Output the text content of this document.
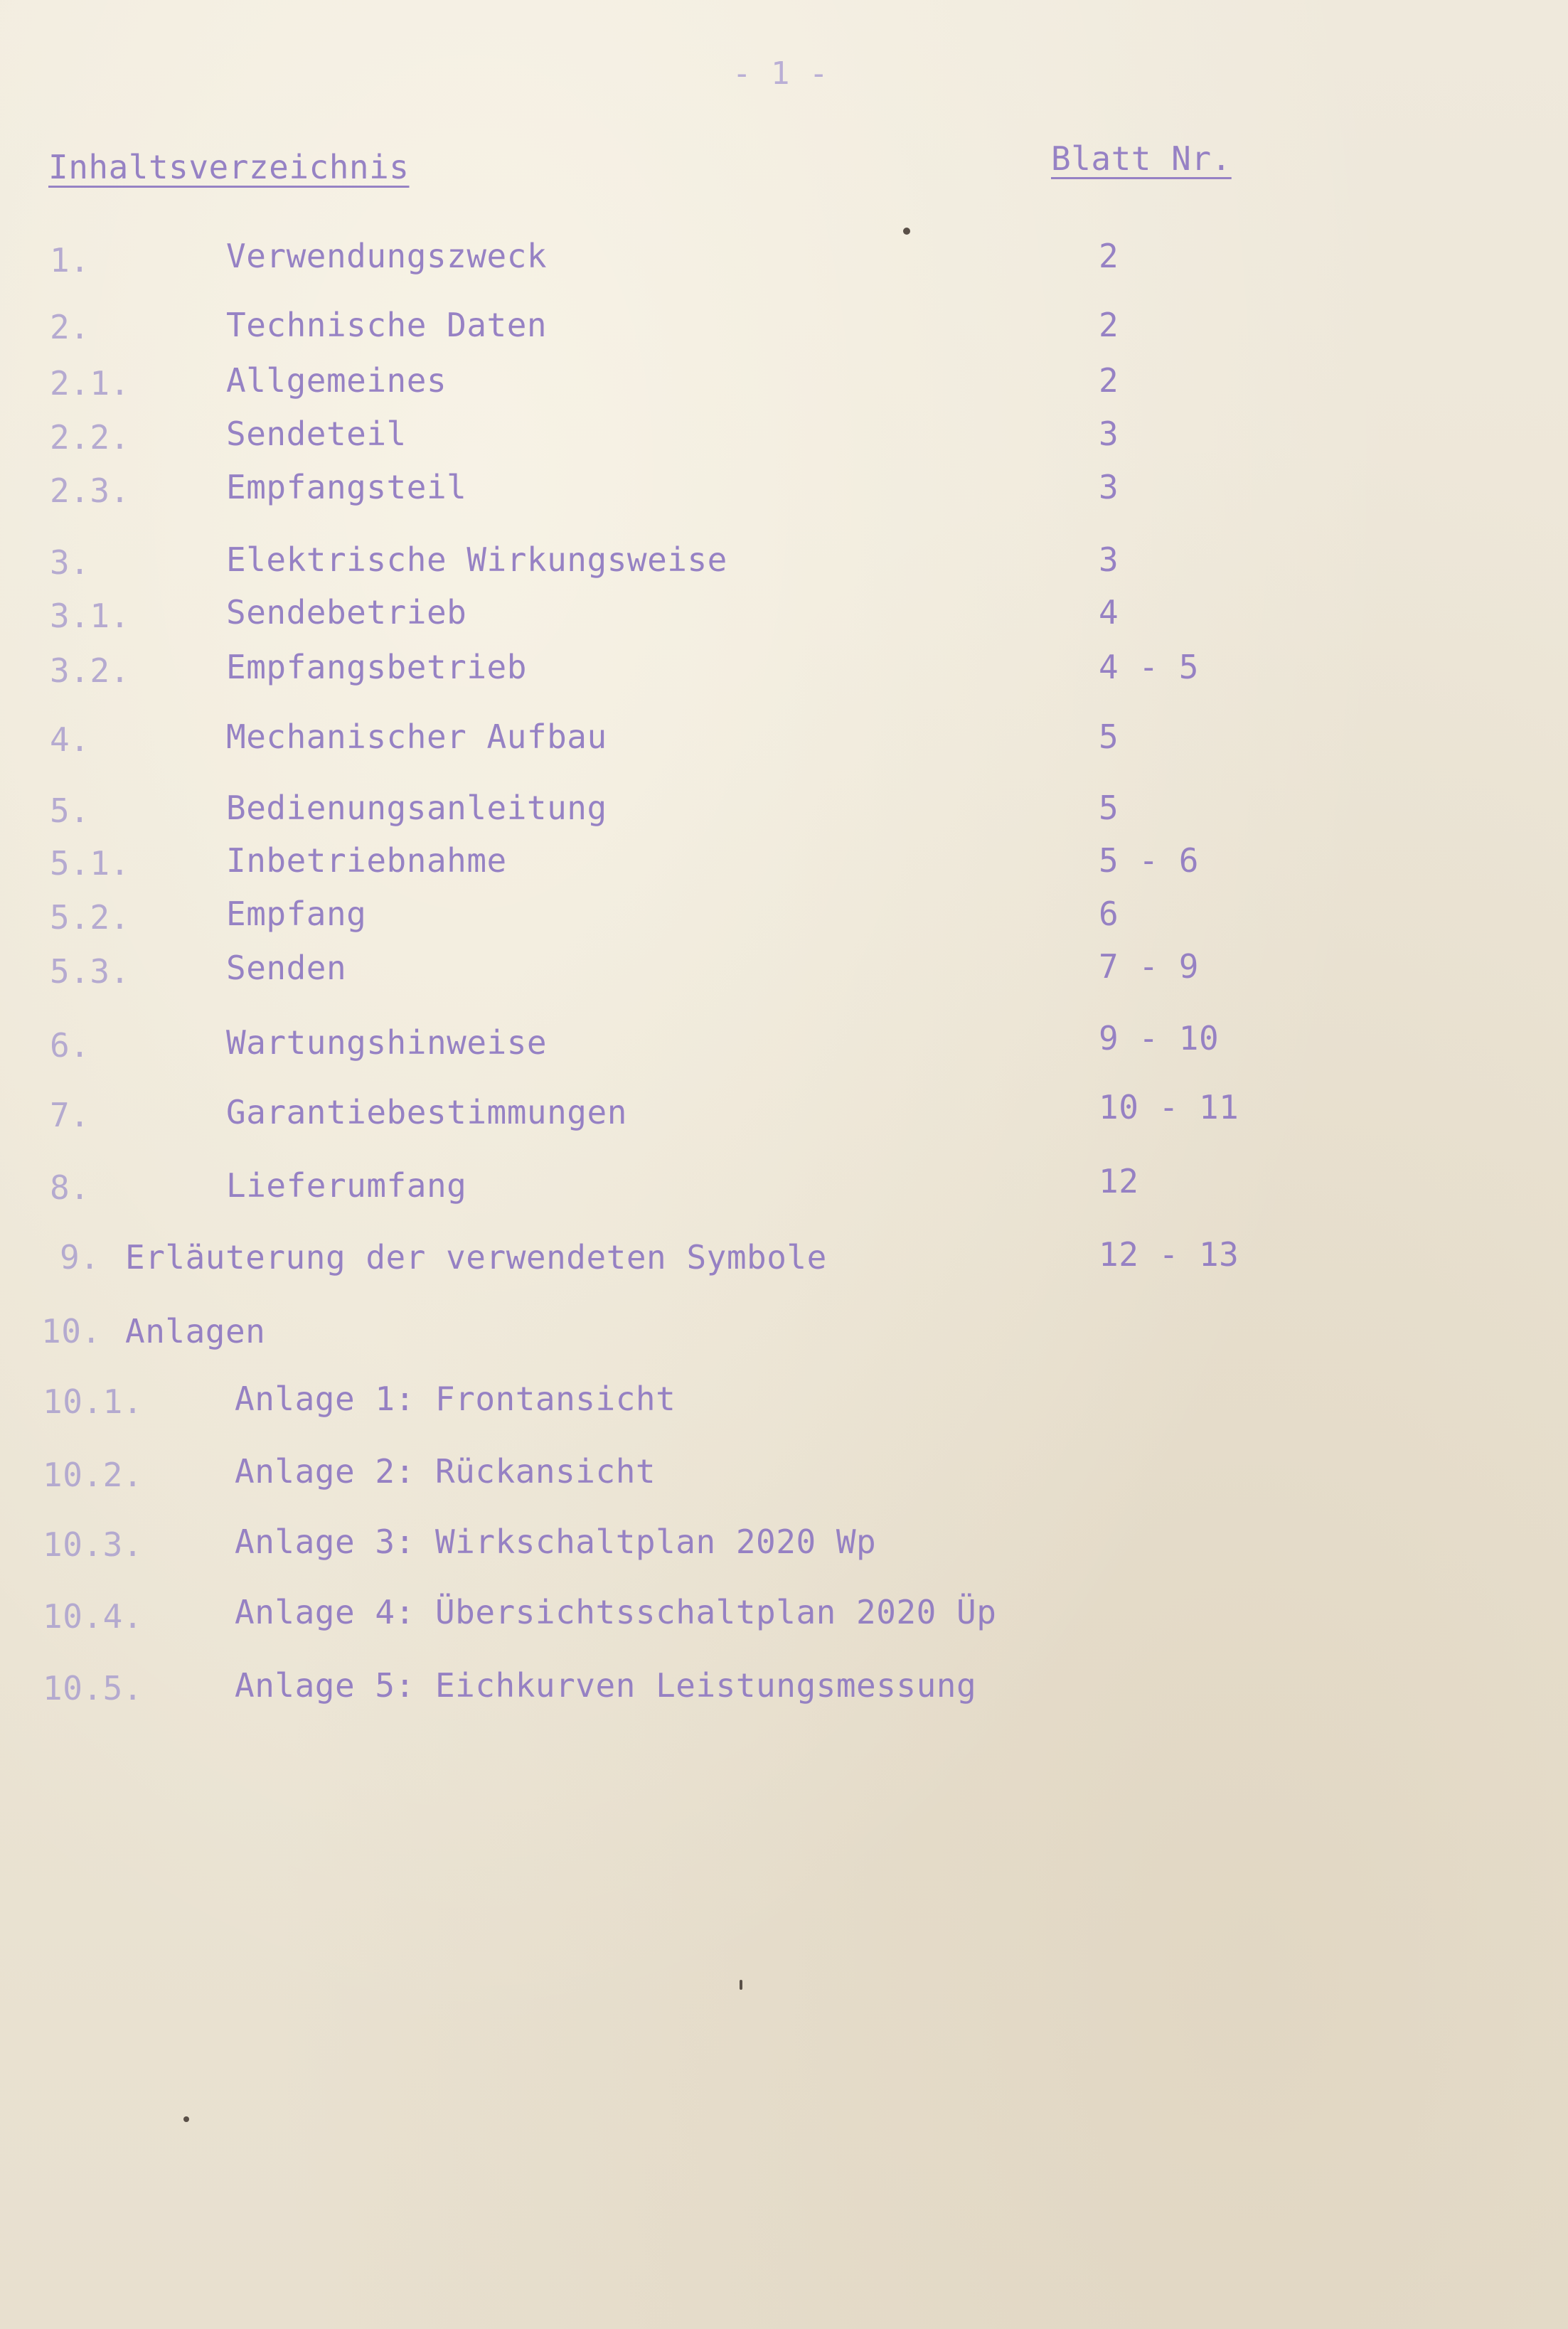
- 1 -
Inhaltsverzeichnis	Blatt Nr.
1.	Verwendungszweck	2
2.	Technische Daten	2
2.1.	Allgemeines	2
2.2.	Sendeteil	3
2.3.	Empfangsteil	3
3.	Elektrische Wirkungsweise	3
3.1.	Sendebetrieb	4
3.2.	Empfangsbetrieb	4 - 5
4.	Mechanischer Aufbau	5
5.	Bedienungsanleitung	5
5.1.	Inbetriebnahme	5 - 6
5.2.	Empfang	6
5.3.	Senden	7 - 9
6.	Wartungshinweise	9 - 10
7.	Garantiebestimmungen	10 - 11
8.	Lieferumfang	12
9. Erläuterung der verwendeten Symbole	12 - 13
10. Anlagen
10.1.	Anlage 1: Frontansicht
10.2.	Anlage 2: Rückansicht
10.3.	Anlage 3: Wirkschaltplan 2020 Wp
10.4.	Anlage 4: Übersichtsschaltplan 2020 Üp
10.5.	Anlage 5: Eichkurven Leistungsmessung
